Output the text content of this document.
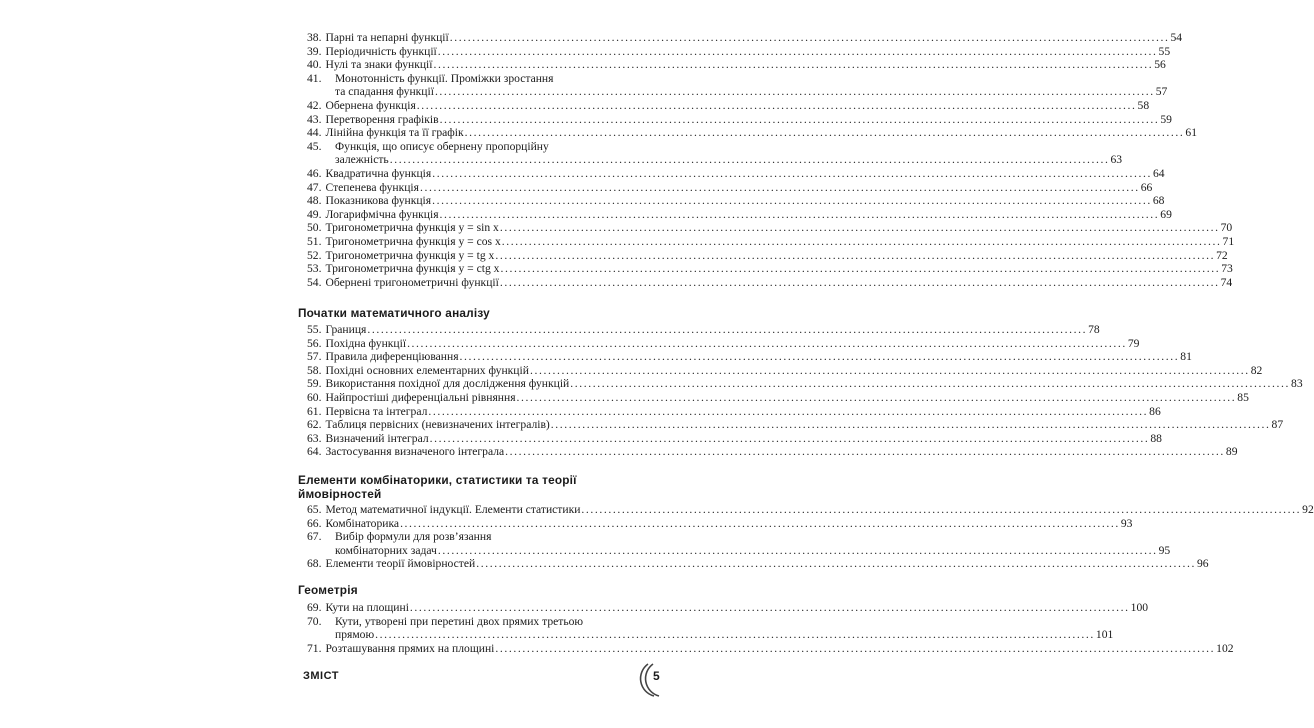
38. Парні та непарні функції ................................................................................................................................................................ 54
39. Періодичність функції ................................................................................................................................................................ 55
40. Нулі та знаки функції ................................................................................................................................................................ 56
41. Монотонність функції. Проміжки зростання
та спадання функції ................................................................................................................................................................ 57
42. Обернена функція ................................................................................................................................................................ 58
43. Перетворення графіків ................................................................................................................................................................ 59
44. Лінійна функція та її графік ................................................................................................................................................................ 61
45. Функція, що описує обернену пропорційну
залежність ................................................................................................................................................................ 63
46. Квадратична функція ................................................................................................................................................................ 64
47. Степенева функція ................................................................................................................................................................ 66
48. Показникова функція ................................................................................................................................................................ 68
49. Логарифмічна функція ................................................................................................................................................................ 69
50. Тригонометрична функція y = sin x ................................................................................................................................................................ 70
51. Тригонометрична функція y = cos x ................................................................................................................................................................ 71
52. Тригонометрична функція y = tg x ................................................................................................................................................................ 72
53. Тригонометрична функція y = ctg x ................................................................................................................................................................ 73
54. Обернені тригонометричні функції ................................................................................................................................................................ 74
Початки математичного аналізу
55. Границя ................................................................................................................................................................ 78
56. Похідна функції ................................................................................................................................................................ 79
57. Правила диференціювання ................................................................................................................................................................ 81
58. Похідні основних елементарних функцій ................................................................................................................................................................ 82
59. Використання похідної для дослідження функцій ................................................................................................................................................................ 83
60. Найпростіші диференціальні рівняння ................................................................................................................................................................ 85
61. Первісна та інтеграл ................................................................................................................................................................ 86
62. Таблиця первісних (невизначених інтегралів) ................................................................................................................................................................ 87
63. Визначений інтеграл ................................................................................................................................................................ 88
64. Застосування визначеного інтеграла ................................................................................................................................................................ 89
Елементи комбінаторики, статистики та теорії ймовірностей
65. Метод математичної індукції. Елементи статистики ................................................................................................................................................................ 92
66. Комбінаторика ................................................................................................................................................................ 93
67. Вибір формули для розв’язання
комбінаторних задач ................................................................................................................................................................ 95
68. Елементи теорії ймовірностей ................................................................................................................................................................ 96
Геометрія
69. Кути на площині ................................................................................................................................................................ 100
70. Кути, утворені при перетині двох прямих третьою
прямою ................................................................................................................................................................ 101
71. Розташування прямих на площині ................................................................................................................................................................ 102
ЗМІСТ	5
